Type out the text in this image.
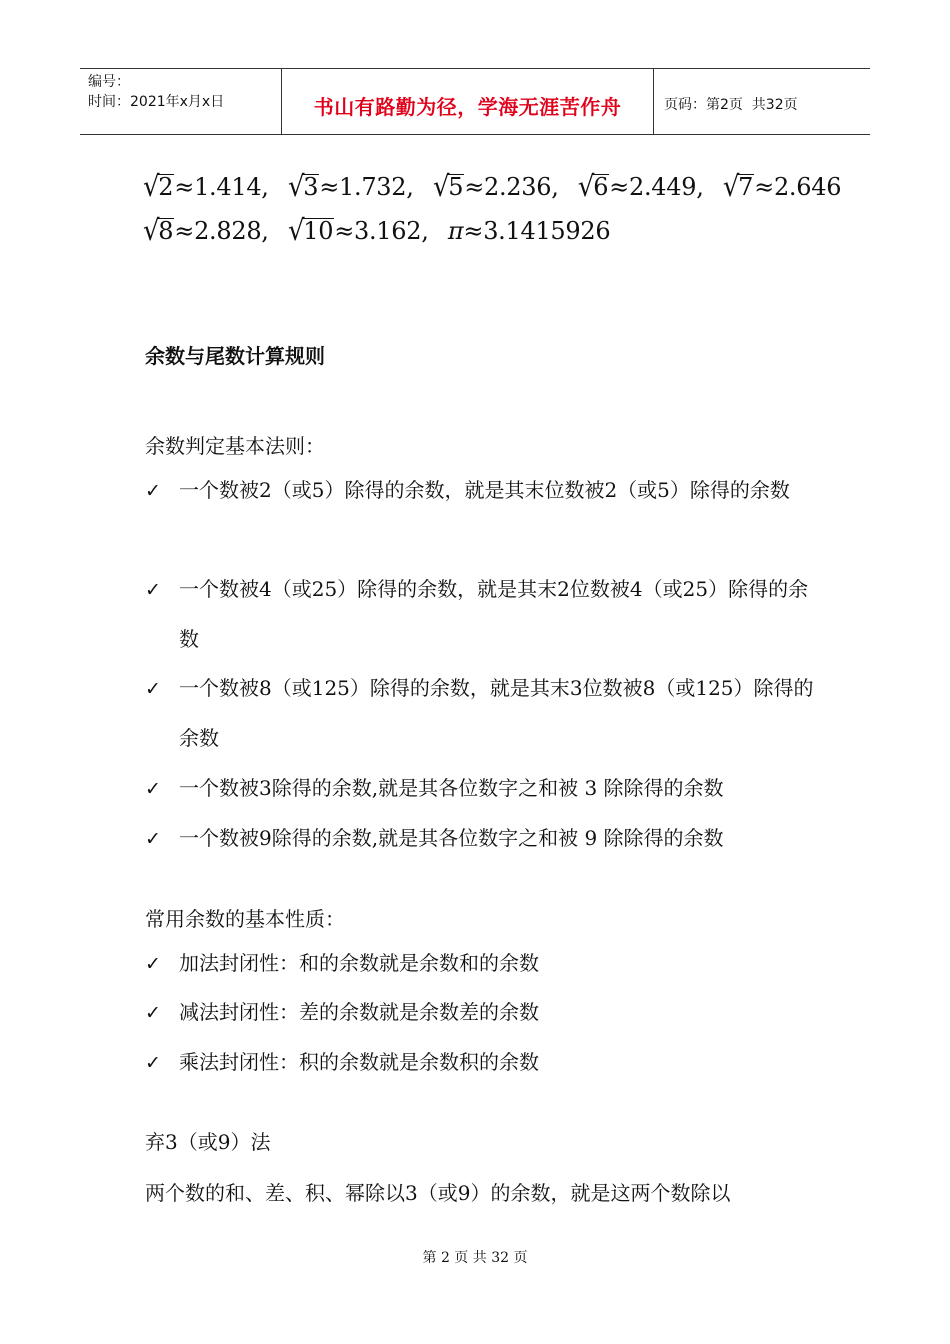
编号：
时间：2021年x月x日	书山有路勤为径，学海无涯苦作舟	页码：第2页  共32页
√2≈1.414, √3≈1.732, √5≈2.236, √6≈2.449, √7≈2.646
√8≈2.828, √10≈3.162, π≈3.1415926
余数与尾数计算规则
余数判定基本法则：
✓ 一个数被2（或5）除得的余数，就是其末位数被2（或5）除得的余数
✓ 一个数被4（或25）除得的余数，就是其末2位数被4（或25）除得的余数
✓ 一个数被8（或125）除得的余数，就是其末3位数被8（或125）除得的余数
✓ 一个数被3除得的余数,就是其各位数字之和被 3 除除得的余数
✓ 一个数被9除得的余数,就是其各位数字之和被 9 除除得的余数
常用余数的基本性质：
✓ 加法封闭性：和的余数就是余数和的余数
✓ 减法封闭性：差的余数就是余数差的余数
✓ 乘法封闭性：积的余数就是余数积的余数
弃3（或9）法
两个数的和、差、积、幂除以3（或9）的余数，就是这两个数除以
第 2 页 共 32 页
